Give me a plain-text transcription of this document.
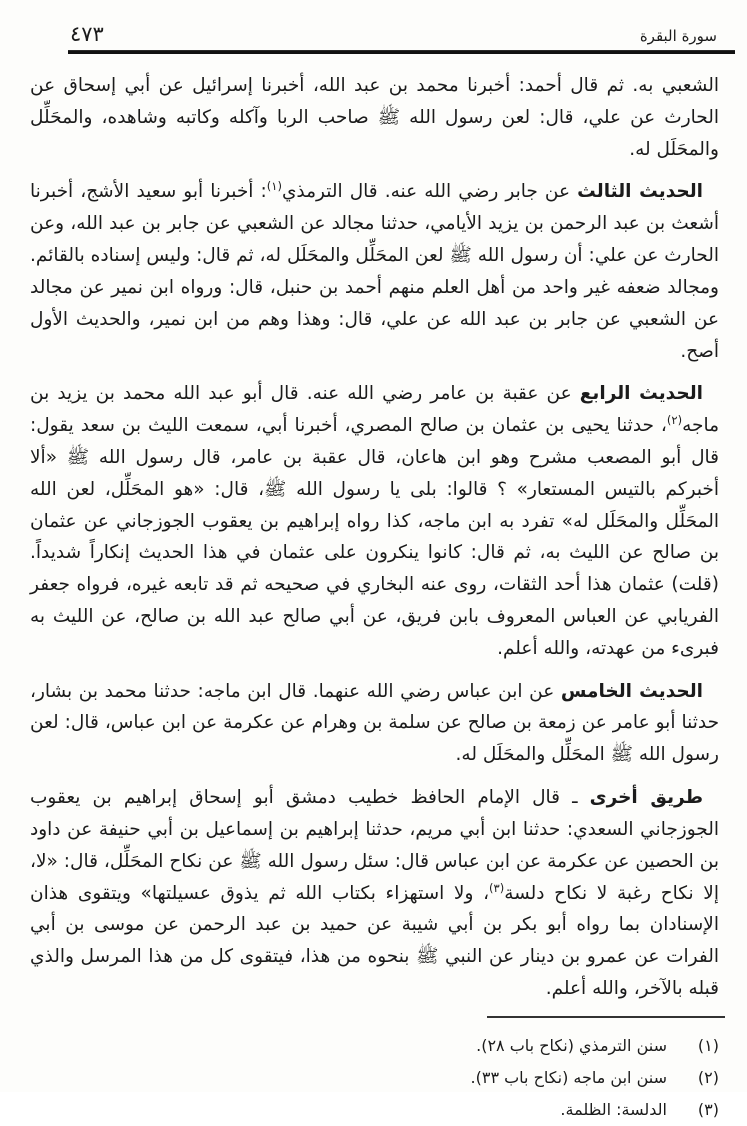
سورة البقرة
٤٧٣

الشعبي به. ثم قال أحمد: أخبرنا محمد بن عبد الله، أخبرنا إسرائيل عن أبي إسحاق عن الحارث عن علي، قال: لعن رسول الله ﷺ صاحب الربا وآكله وكاتبه وشاهده، والمحَلِّل والمحَلَل له.

الحديث الثالث عن جابر رضي الله عنه. قال الترمذي$^{(١)}$: أخبرنا أبو سعيد الأشج، أخبرنا أشعث بن عبد الرحمن بن يزيد الأيامي، حدثنا مجالد عن الشعبي عن جابر بن عبد الله، وعن الحارث عن علي: أن رسول الله ﷺ لعن المحَلِّل والمحَلَل له، ثم قال: وليس إسناده بالقائم. ومجالد ضعفه غير واحد من أهل العلم منهم أحمد بن حنبل، قال: ورواه ابن نمير عن مجالد عن الشعبي عن جابر بن عبد الله عن علي، قال: وهذا وهم من ابن نمير، والحديث الأول أصح.

الحديث الرابع عن عقبة بن عامر رضي الله عنه. قال أبو عبد الله محمد بن يزيد بن ماجه$^{(٢)}$، حدثنا يحيى بن عثمان بن صالح المصري، أخبرنا أبي، سمعت الليث بن سعد يقول: قال أبو المصعب مشرح وهو ابن هاعان، قال عقبة بن عامر، قال رسول الله ﷺ «ألا أخبركم بالتيس المستعار» ؟ قالوا: بلى يا رسول الله ﷺ، قال: «هو المحَلِّل، لعن الله المحَلِّل والمحَلَل له» تفرد به ابن ماجه، كذا رواه إبراهيم بن يعقوب الجوزجاني عن عثمان بن صالح عن الليث به، ثم قال: كانوا ينكرون على عثمان في هذا الحديث إنكاراً شديداً. (قلت) عثمان هذا أحد الثقات، روى عنه البخاري في صحيحه ثم قد تابعه غيره، فرواه جعفر الفريابي عن العباس المعروف بابن فريق، عن أبي صالح عبد الله بن صالح، عن الليث به فبرىء من عهدته، والله أعلم.

الحديث الخامس عن ابن عباس رضي الله عنهما. قال ابن ماجه: حدثنا محمد بن بشار، حدثنا أبو عامر عن زمعة بن صالح عن سلمة بن وهرام عن عكرمة عن ابن عباس، قال: لعن رسول الله ﷺ المحَلِّل والمحَلَل له.

طريق أخرى ـ قال الإمام الحافظ خطيب دمشق أبو إسحاق إبراهيم بن يعقوب الجوزجاني السعدي: حدثنا ابن أبي مريم، حدثنا إبراهيم بن إسماعيل بن أبي حنيفة عن داود بن الحصين عن عكرمة عن ابن عباس قال: سئل رسول الله ﷺ عن نكاح المحَلِّل، قال: «لا، إلا نكاح رغبة لا نكاح دلسة$^{(٣)}$، ولا استهزاء بكتاب الله ثم يذوق عسيلتها» ويتقوى هذان الإسنادان بما رواه أبو بكر بن أبي شيبة عن حميد بن عبد الرحمن عن موسى بن أبي الفرات عن عمرو بن دينار عن النبي ﷺ بنحوه من هذا، فيتقوى كل من هذا المرسل والذي قبله بالآخر، والله أعلم.

(١)
سنن الترمذي (نكاح باب ٢٨).
(٢)
سنن ابن ماجه (نكاح باب ٣٣).
(٣)
الدلسة: الظلمة.
